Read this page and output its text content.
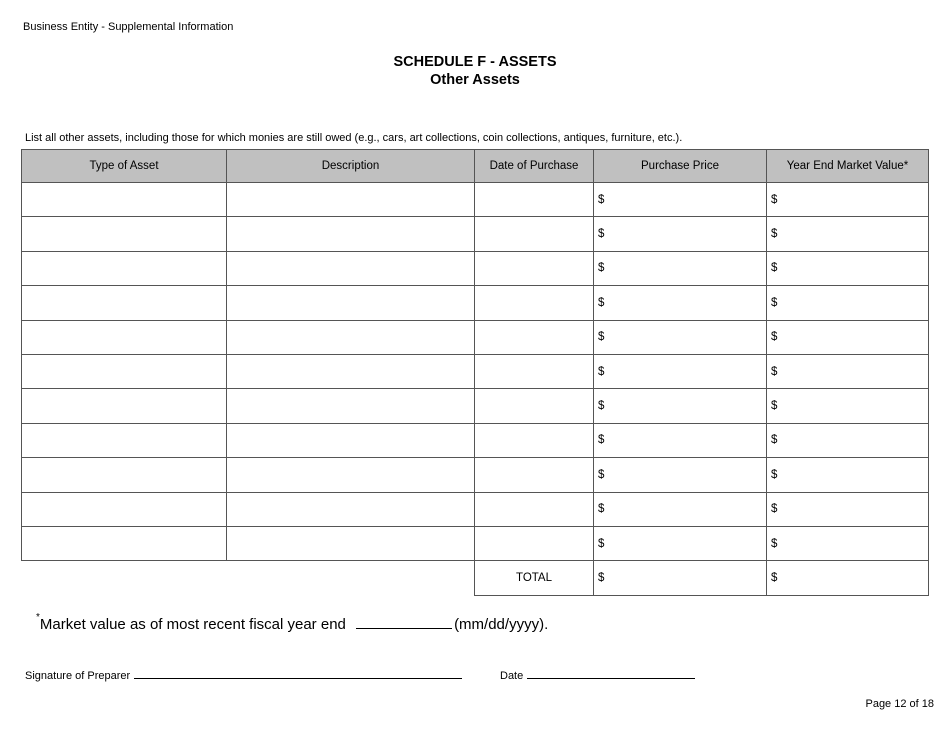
Business Entity - Supplemental Information
SCHEDULE F - ASSETS
Other Assets
List all other assets, including those for which monies are still owed (e.g., cars, art collections, coin collections, antiques, furniture, etc.).
Type of Asset	Description	Date of Purchase	Purchase Price	Year End Market Value*
			$	$
			$	$
			$	$
			$	$
			$	$
			$	$
			$	$
			$	$
			$	$
			$	$
			$	$
		TOTAL	$	$
*Market value as of most recent fiscal year end	(mm/dd/yyyy).
Signature of Preparer	Date
Page 12 of 18
